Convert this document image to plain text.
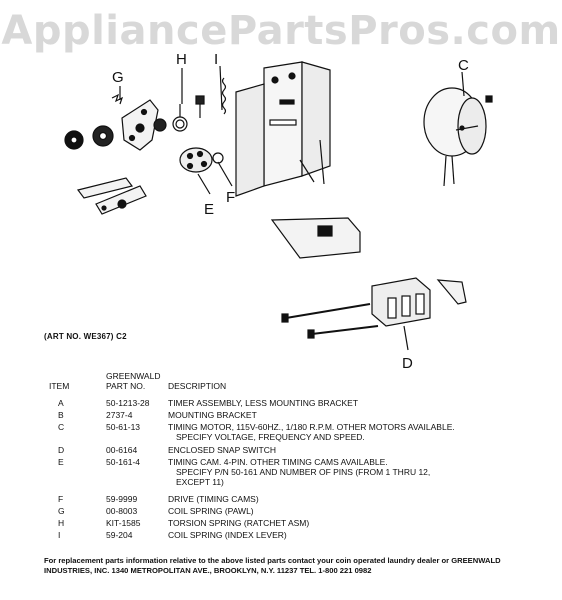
AppliancePartsPros.com
G
H I	C
E
F
D
(ART NO. WE367) C2
ITEM
GREENWALD
PART NO.	DESCRIPTION
A	50-1213-28	TIMER ASSEMBLY, LESS MOUNTING BRACKET
B	2737-4	MOUNTING BRACKET
C	50-61-13	TIMING MOTOR, 115V-60HZ., 1/180 R.P.M. OTHER MOTORS AVAILABLE.
SPECIFY VOLTAGE, FREQUENCY AND SPEED.
D	00-6164	ENCLOSED SNAP SWITCH
E	50-161-4	TIMING CAM. 4-PIN. OTHER TIMING CAMS AVAILABLE.
SPECIFY P/N 50-161 AND NUMBER OF PINS (FROM 1 THRU 12,
EXCEPT 11)
F	59-9999	DRIVE (TIMING CAMS)
G	00-8003	COIL SPRING (PAWL)
H	KIT-1585	TORSION SPRING (RATCHET ASM)
I	59-204	COIL SPRING (INDEX LEVER)
For replacement parts information relative to the above listed parts contact your coin operated laundry dealer or GREENWALD INDUSTRIES, INC. 1340 METROPOLITAN AVE., BROOKLYN, N.Y. 11237 TEL. 1-800 221 0982
